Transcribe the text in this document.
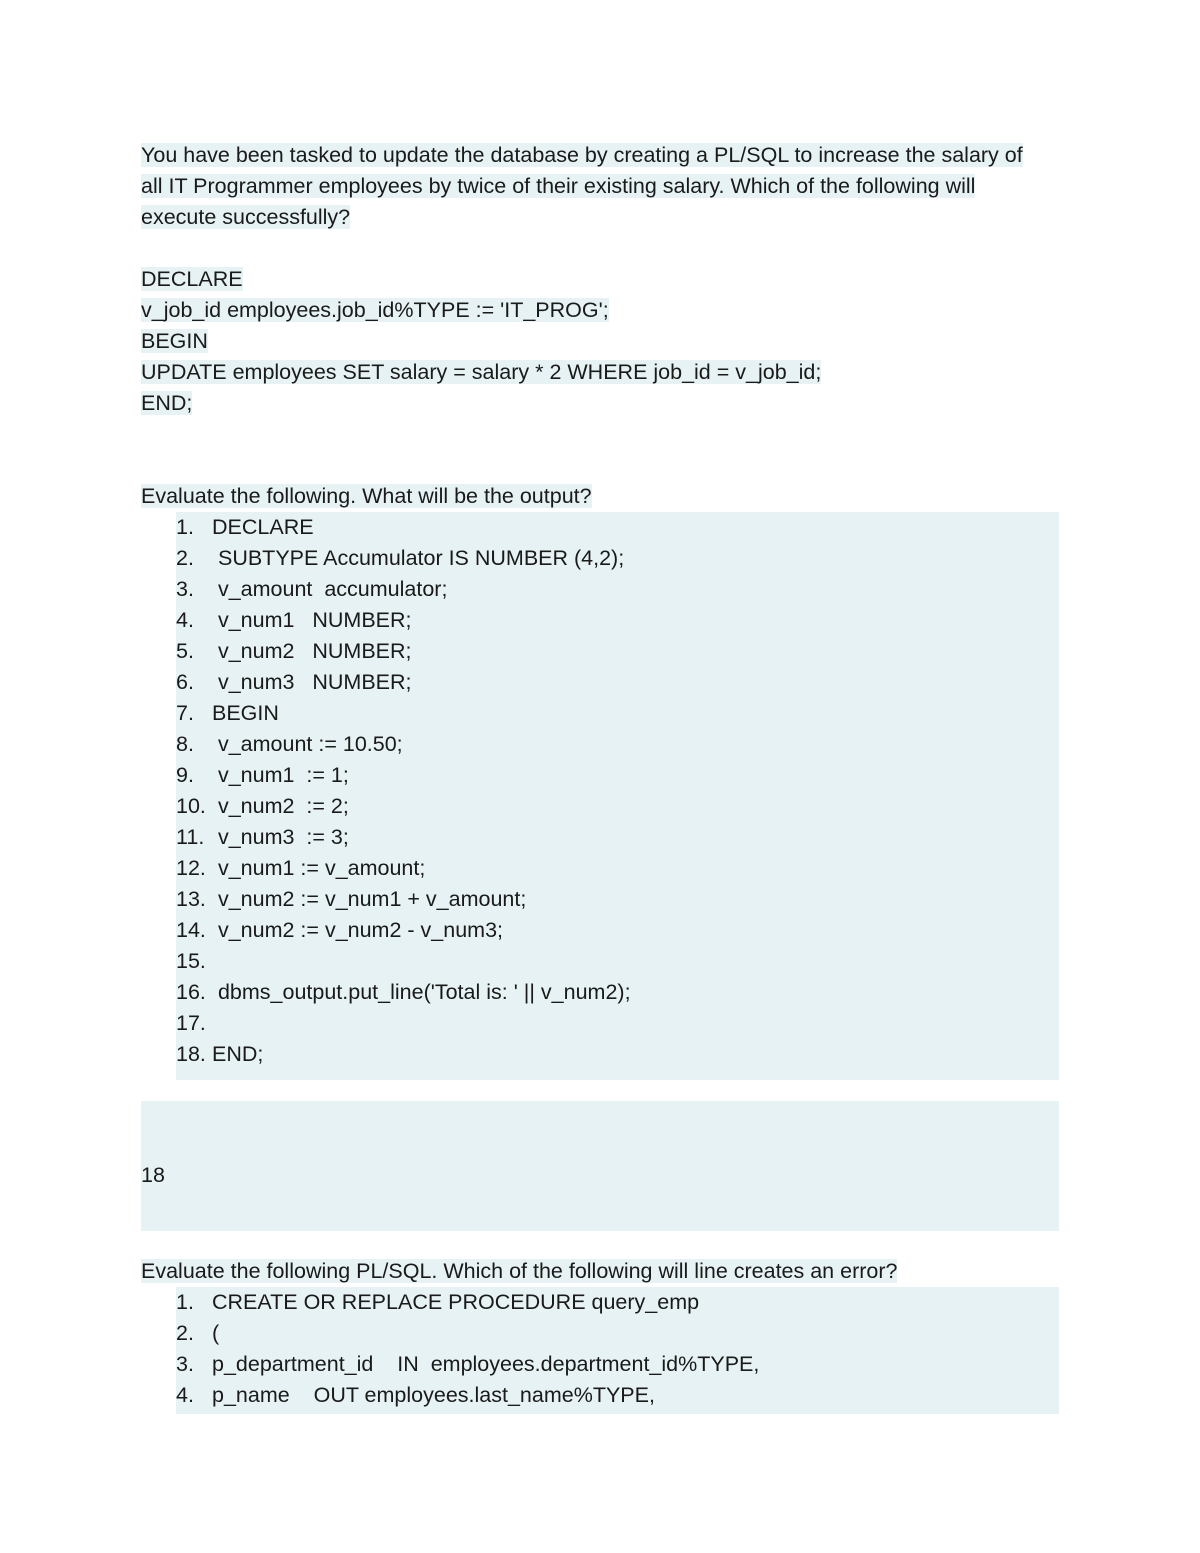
You have been tasked to update the database by creating a PL/SQL to increase the salary of
all IT Programmer employees by twice of their existing salary. Which of the following will
execute successfully?

DECLARE
v_job_id employees.job_id%TYPE := 'IT_PROG';
BEGIN
UPDATE employees SET salary = salary * 2 WHERE job_id = v_job_id;
END;

Evaluate the following. What will be the output?

1. DECLARE
2. SUBTYPE Accumulator IS NUMBER (4,2);
3. v_amount  accumulator;
4. v_num1   NUMBER;
5. v_num2   NUMBER;
6. v_num3   NUMBER;
7. BEGIN
8. v_amount := 10.50;
9. v_num1  := 1;
10. v_num2  := 2;
11. v_num3  := 3;
12. v_num1 := v_amount;
13. v_num2 := v_num1 + v_amount;
14. v_num2 := v_num2 - v_num3;
15.
16. dbms_output.put_line('Total is: ' || v_num2);
17.
18. END;
18

Evaluate the following PL/SQL. Which of the following will line creates an error?

1. CREATE OR REPLACE PROCEDURE query_emp
2. (
3. p_department_id    IN  employees.department_id%TYPE,
4. p_name    OUT employees.last_name%TYPE,
